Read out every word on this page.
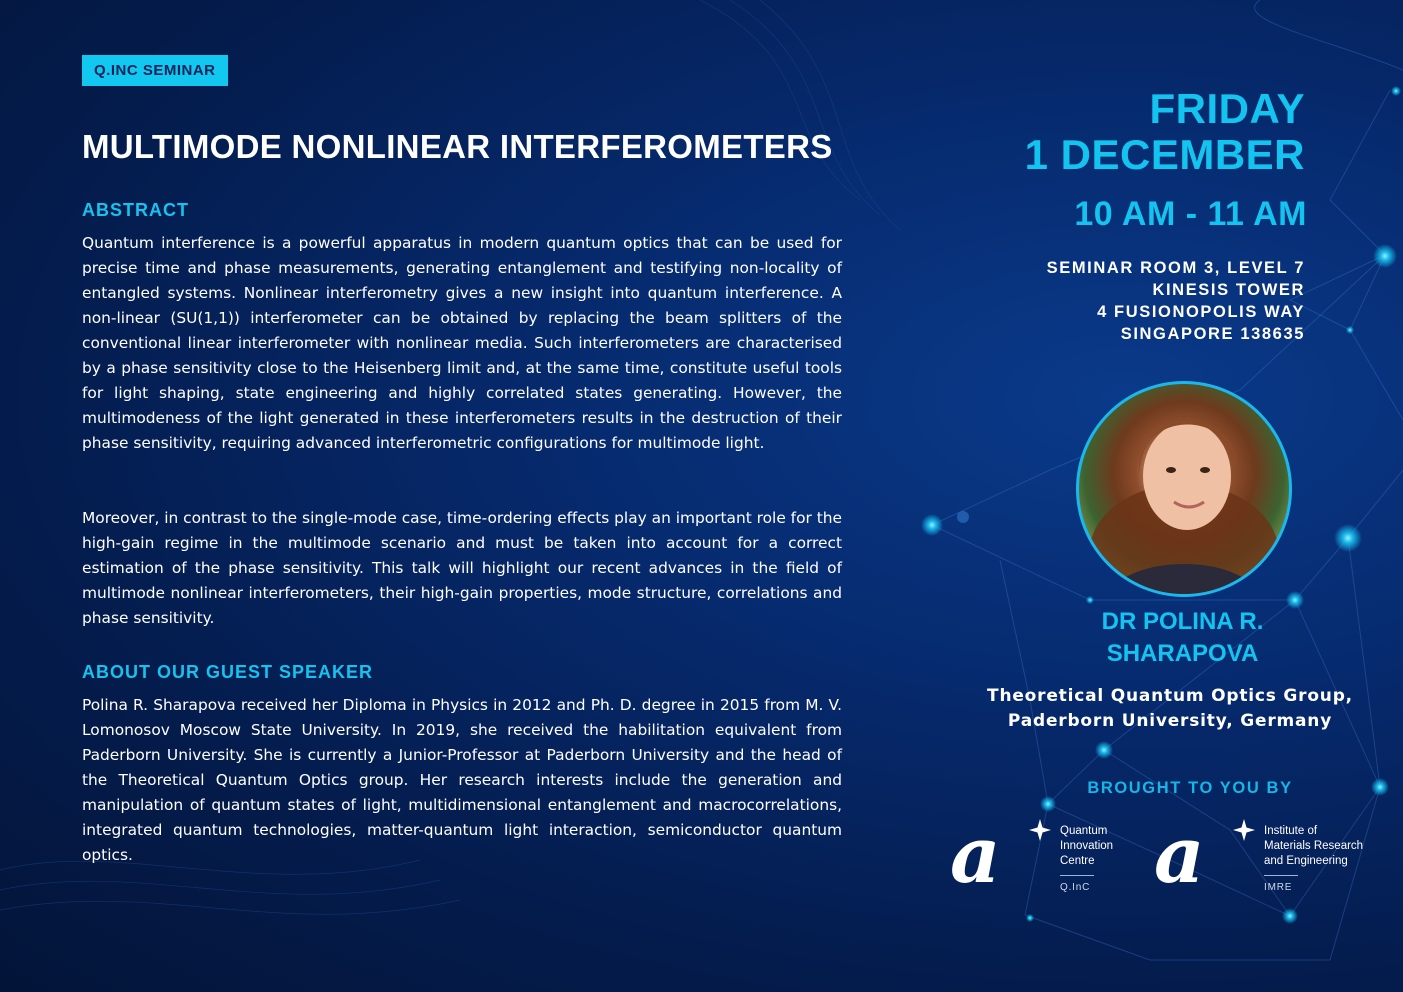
Q.INC SEMINAR
MULTIMODE NONLINEAR INTERFEROMETERS
ABSTRACT

Quantum interference is a powerful apparatus in modern quantum optics that can be used for precise time and phase measurements, generating entanglement and testifying non-locality of entangled systems. Nonlinear interferometry gives a new insight into quantum interference. A non-linear (SU(1,1)) interferometer can be obtained by replacing the beam splitters of the conventional linear interferometer with nonlinear media. Such interferometers are characterised by a phase sensitivity close to the Heisenberg limit and, at the same time, constitute useful tools for light shaping, state engineering and highly correlated states generating. However, the multimodeness of the light generated in these interferometers results in the destruction of their phase sensitivity, requiring advanced interferometric configurations for multimode light.

Moreover, in contrast to the single-mode case, time-ordering effects play an important role for the high-gain regime in the multimode scenario and must be taken into account for a correct estimation of the phase sensitivity. This talk will highlight our recent advances in the field of multimode nonlinear interferometers, their high-gain properties, mode structure, correlations and phase sensitivity.

ABOUT OUR GUEST SPEAKER

Polina R. Sharapova received her Diploma in Physics in 2012 and Ph. D. degree in 2015 from M. V. Lomonosov Moscow State University. In 2019, she received the habilitation equivalent from Paderborn University. She is currently a Junior-Professor at Paderborn University and the head of the Theoretical Quantum Optics group. Her research interests include the generation and manipulation of quantum states of light, multidimensional entanglement and macrocorrelations, integrated quantum technologies, matter-quantum light interaction, semiconductor quantum optics.

FRIDAY
1 DECEMBER
10 AM - 11 AM
SEMINAR ROOM 3, LEVEL 7
KINESIS TOWER
4 FUSIONOPOLIS WAY
SINGAPORE 138635
DR POLINA R.
SHARAPOVA
Theoretical Quantum Optics Group,
Paderborn University, Germany
BROUGHT TO YOU BY
a	Quantum
Innovation
Centre
Q.InC a	Institute of
Materials Research
and Engineering
IMRE
